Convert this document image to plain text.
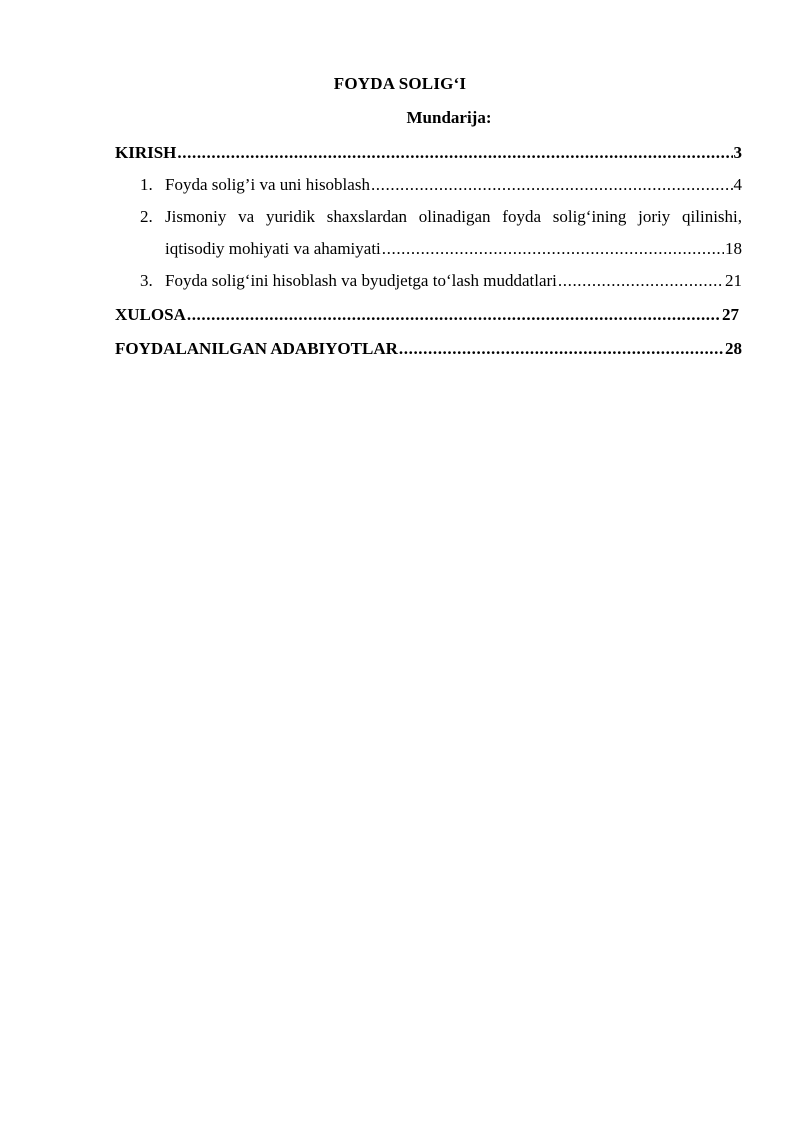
FOYDA SOLIG‘I
Mundarija:
KIRISH .....	3
1. Foyda solig’i va uni hisoblash .....	4
2. Jismoniy va yuridik shaxslardan olinadigan foyda solig‘ining joriy qilinishi,
iqtisodiy mohiyati va ahamiyati .....	18
3. Foyda solig‘ini hisoblash va byudjetga to‘lash muddatlari .....	21
XULOSA .....	27
FOYDALANILGAN ADABIYOTLAR .....	28
